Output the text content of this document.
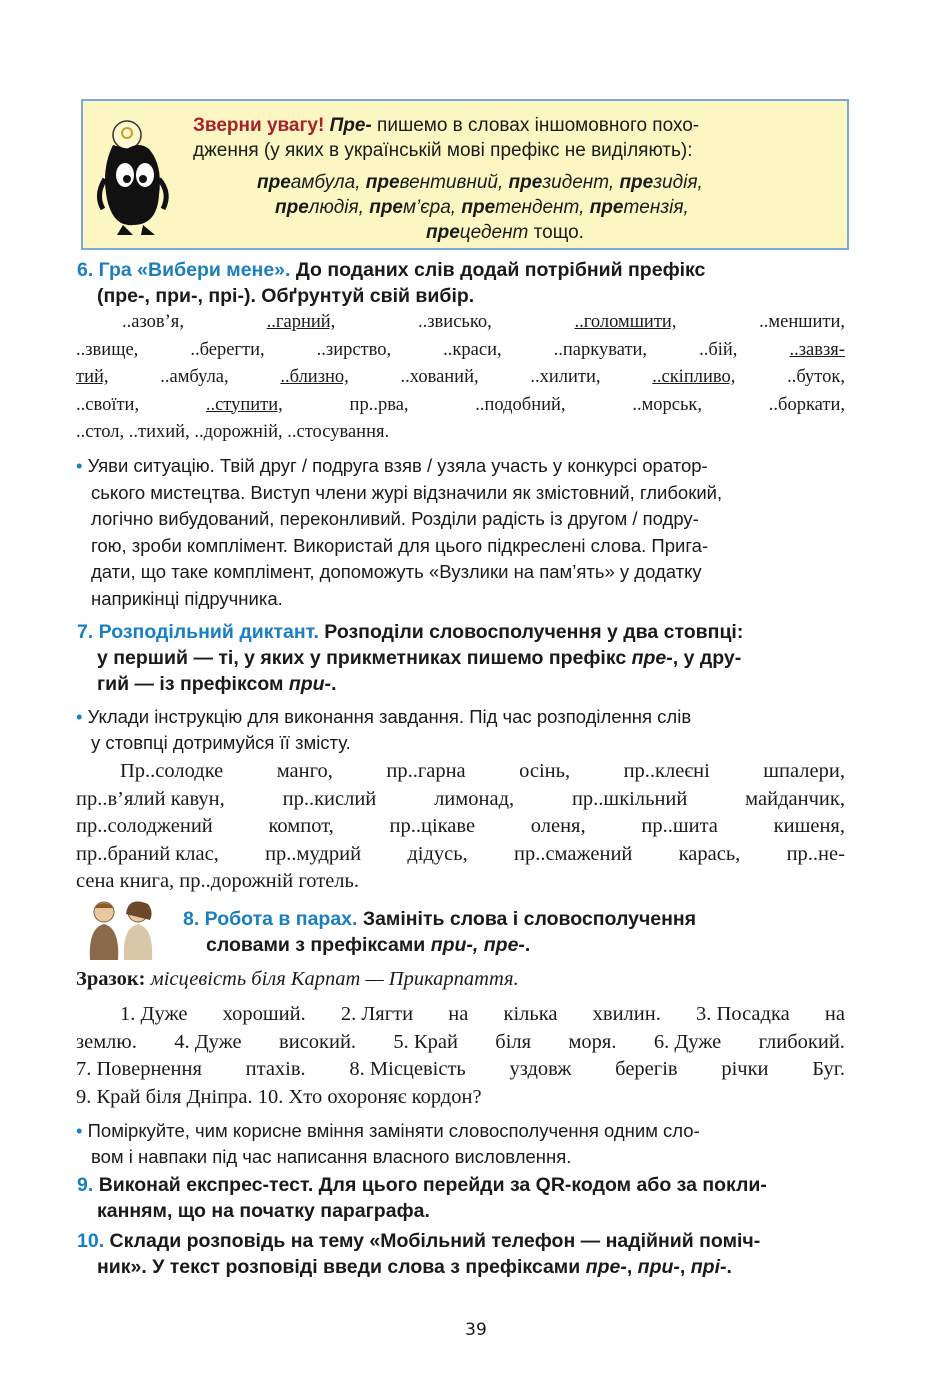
Зверни увагу! Пре- пишемо в словах іншомовного похо-
дження (у яких в українській мові префікс не виділяють):
преамбула, превентивний, президент, президія,
прелюдія, прем’єра, претендент, претензія,
прецедент тощо.
6. Гра «Вибери мене». До поданих слів додай потрібний префікс
(пре-, при-, прі-). Обґрунтуй свій вибір.
..азов’я,	..гарний,	..звисько,	..голомшити,	..меншити,
..звище,	..берегти,	..зирство,	..краси,	..паркувати,	..бій,	..завзя-
тий,	..амбула,	..близно,	..хований,	..хилити,	..скіпливо,	..буток,
..своїти,	..ступити,	пр..рва,	..подобний,	..морськ,	..боркати,
..стол, ..тихий, ..дорожній, ..стосування.
• Уяви ситуацію. Твій друг / подруга взяв / узяла участь у конкурсі оратор-
ського мистецтва. Виступ члени журі відзначили як змістовний, глибокий,
логічно вибудований, переконливий. Розділи радість із другом / подру-
гою, зроби комплімент. Використай для цього підкреслені слова. Прига-
дати, що таке комплімент, допоможуть «Вузлики на пам’ять» у додатку
наприкінці підручника.
7. Розподільний диктант. Розподіли словосполучення у два стовпці:
у перший — ті, у яких у прикметниках пишемо префікс пре-, у дру-
гий — із префіксом при-.
• Уклади інструкцію для виконання завдання. Під час розподілення слів
у стовпці дотримуйся її змісту.
Пр..солодке	манго,	пр..гарна	осінь,	пр..клеєні	шпалери,
пр..в’ялий кавун,	пр..кислий	лимонад,	пр..шкільний	майданчик,
пр..солоджений	компот,	пр..цікаве	оленя,	пр..шита	кишеня,
пр..браний клас, пр..мудрий дідусь, пр..смажений карась, пр..не-
сена книга, пр..дорожній готель.
8. Робота в парах. Замініть слова і словосполучення
словами з префіксами при-, пре-.
Зразок: місцевість біля Карпат — Прикарпаття.
1. Дуже хороший. 2. Лягти на кілька хвилин. 3. Посадка на
землю. 4. Дуже високий. 5. Край біля моря. 6. Дуже глибокий.
7. Повернення птахів. 8. Місцевість уздовж берегів річки Буг.
9. Край біля Дніпра. 10. Хто охороняє кордон?
• Поміркуйте, чим корисне вміння заміняти словосполучення одним сло-
вом і навпаки під час написання власного висловлення.
9. Виконай експрес-тест. Для цього перейди за QR-кодом або за покли-
канням, що на початку параграфа.
10. Склади розповідь на тему «Мобільний телефон — надійний поміч-
ник». У текст розповіді введи слова з префіксами пре-, при-, прі-.
39
